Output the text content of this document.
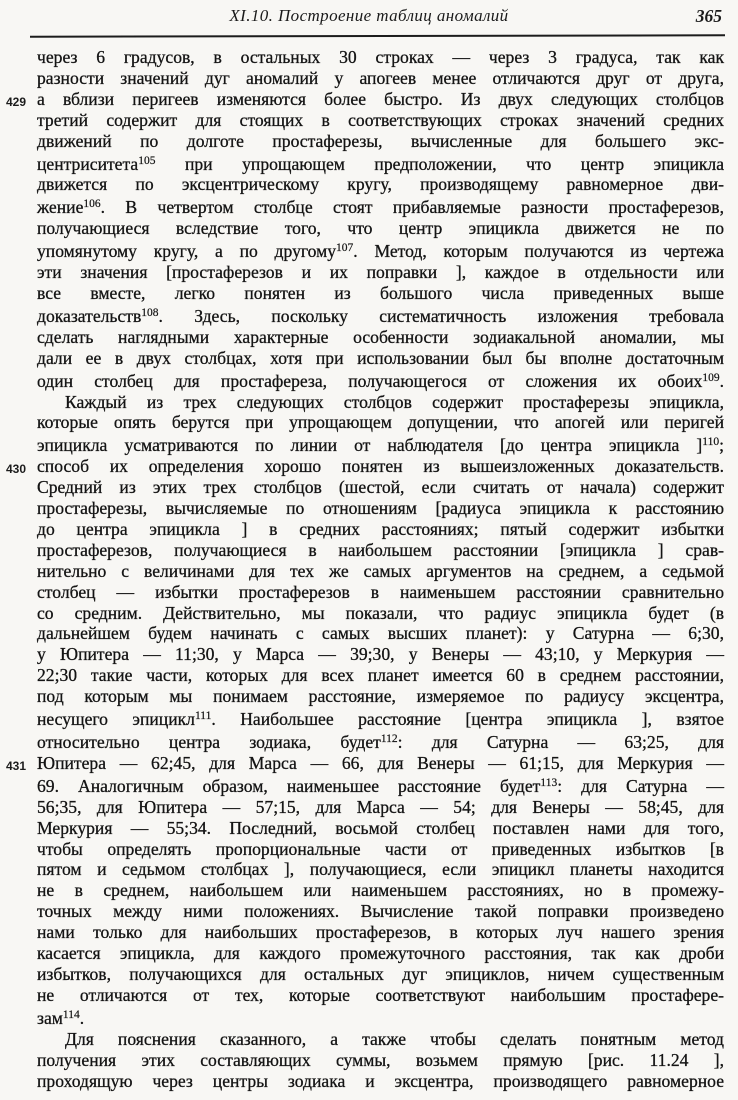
XI.10. Построение таблиц аномалий	365
через 6 градусов, в остальных 30 строках — через 3 градуса, так как
разности значений дуг аномалий у апогеев менее отличаются друг от друга,
а вблизи перигеев изменяются более быстро. Из двух следующих столбцов
429
третий содержит для стоящих в соответствующих строках значений средних
движений по долготе простаферезы, вычисленные для большего экс-
центриситета$^{105}$ при упрощающем предположении, что центр эпицикла
движется по эксцентрическому кругу, производящему равномерное дви-
жение$^{106}$. В четвертом столбце стоят прибавляемые разности простаферезов,
получающиеся вследствие того, что центр эпицикла движется не по
упомянутому кругу, а по другому$^{107}$. Метод, которым получаются из чертежа
эти значения [простаферезов и их поправки ], каждое в отдельности или
все вместе, легко понятен из большого числа приведенных выше
доказательств$^{108}$. Здесь, поскольку систематичность изложения требовала
сделать наглядными характерные особенности зодиакальной аномалии, мы
дали ее в двух столбцах, хотя при использовании был бы вполне достаточным
один столбец для простафереза, получающегося от сложения их обоих$^{109}$.
Каждый из трех следующих столбцов содержит простаферезы эпицикла,
которые опять берутся при упрощающем допущении, что апогей или перигей
эпицикла усматриваются по линии от наблюдателя [до центра эпицикла ]$^{110}$;
способ их определения хорошо понятен из вышеизложенных доказательств.
430
Средний из этих трех столбцов (шестой, если считать от начала) содержит
простаферезы, вычисляемые по отношениям [радиуса эпицикла к расстоянию
до центра эпицикла ] в средних расстояниях; пятый содержит избытки
простаферезов, получающиеся в наибольшем расстоянии [эпицикла ] срав-
нительно с величинами для тех же самых аргументов на среднем, а седьмой
столбец — избытки простаферезов в наименьшем расстоянии сравнительно
со средним. Действительно, мы показали, что радиус эпицикла будет (в
дальнейшем будем начинать с самых высших планет): у Сатурна — 6;30,
у Юпитера — 11;30, у Марса — 39;30, у Венеры — 43;10, у Меркурия —
22;30 такие части, которых для всех планет имеется 60 в среднем расстоянии,
под которым мы понимаем расстояние, измеряемое по радиусу эксцентра,
несущего эпицикл$^{111}$. Наибольшее расстояние [центра эпицикла ], взятое
относительно центра зодиака, будет$^{112}$: для Сатурна — 63;25, для
Юпитера — 62;45, для Марса — 66, для Венеры — 61;15, для Меркурия —
431
69. Аналогичным образом, наименьшее расстояние будет$^{113}$: для Сатурна —
56;35, для Юпитера — 57;15, для Марса — 54; для Венеры — 58;45, для
Меркурия — 55;34. Последний, восьмой столбец поставлен нами для того,
чтобы определять пропорциональные части от приведенных избытков [в
пятом и седьмом столбцах ], получающиеся, если эпицикл планеты находится
не в среднем, наибольшем или наименьшем расстояниях, но в промежу-
точных между ними положениях. Вычисление такой поправки произведено
нами только для наибольших простаферезов, в которых луч нашего зрения
касается эпицикла, для каждого промежуточного расстояния, так как дроби
избытков, получающихся для остальных дуг эпициклов, ничем существенным
не отличаются от тех, которые соответствуют наибольшим простафере-
зам$^{114}$.
Для пояснения сказанного, а также чтобы сделать понятным метод
получения этих составляющих суммы, возьмем прямую [рис. 11.24 ],
проходящую через центры зодиака и эксцентра, производящего равномерное
